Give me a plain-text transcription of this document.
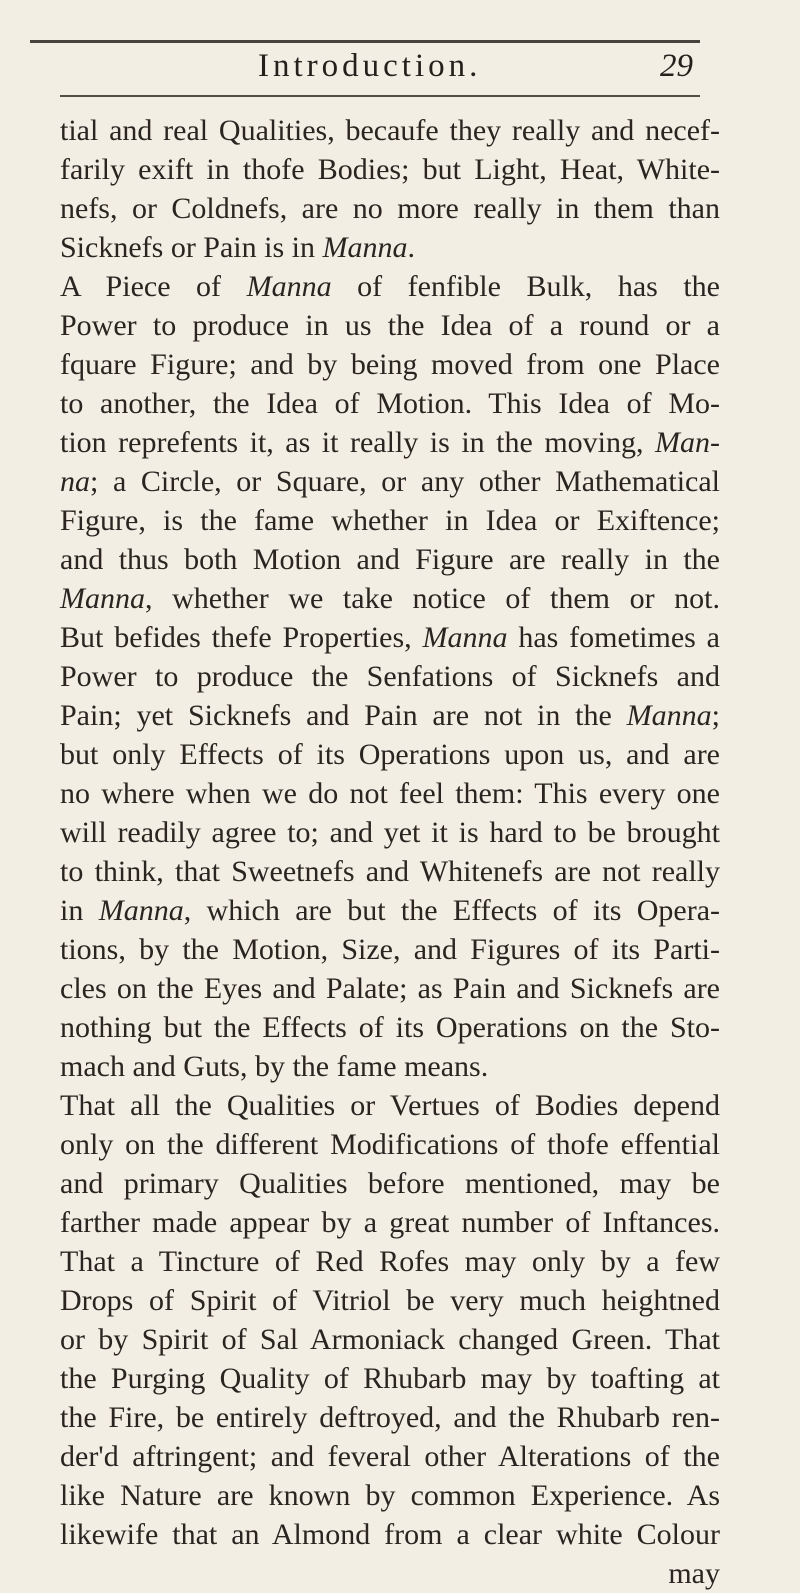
Introduction.	29
tial and real Qualities, becaufe they really and necef-
farily exift in thofe Bodies; but Light, Heat, White-
nefs, or Coldnefs, are no more really in them than
Sicknefs or Pain is in Manna.
A Piece of Manna of fenfible Bulk, has the
Power to produce in us the Idea of a round or a
fquare Figure; and by being moved from one Place
to another, the Idea of Motion. This Idea of Mo-
tion reprefents it, as it really is in the moving, Man-
na; a Circle, or Square, or any other Mathematical
Figure, is the fame whether in Idea or Exiftence;
and thus both Motion and Figure are really in the
Manna, whether we take notice of them or not.
But befides thefe Properties, Manna has fometimes a
Power to produce the Senfations of Sicknefs and
Pain; yet Sicknefs and Pain are not in the Manna;
but only Effects of its Operations upon us, and are
no where when we do not feel them: This every one
will readily agree to; and yet it is hard to be brought
to think, that Sweetnefs and Whitenefs are not really
in Manna, which are but the Effects of its Opera-
tions, by the Motion, Size, and Figures of its Parti-
cles on the Eyes and Palate; as Pain and Sicknefs are
nothing but the Effects of its Operations on the Sto-
mach and Guts, by the fame means.
That all the Qualities or Vertues of Bodies depend
only on the different Modifications of thofe effential
and primary Qualities before mentioned, may be
farther made appear by a great number of Inftances.
That a Tincture of Red Rofes may only by a few
Drops of Spirit of Vitriol be very much heightned
or by Spirit of Sal Armoniack changed Green. That
the Purging Quality of Rhubarb may by toafting at
the Fire, be entirely deftroyed, and the Rhubarb ren-
der'd aftringent; and feveral other Alterations of the
like Nature are known by common Experience. As
likewife that an Almond from a clear white Colour
may
